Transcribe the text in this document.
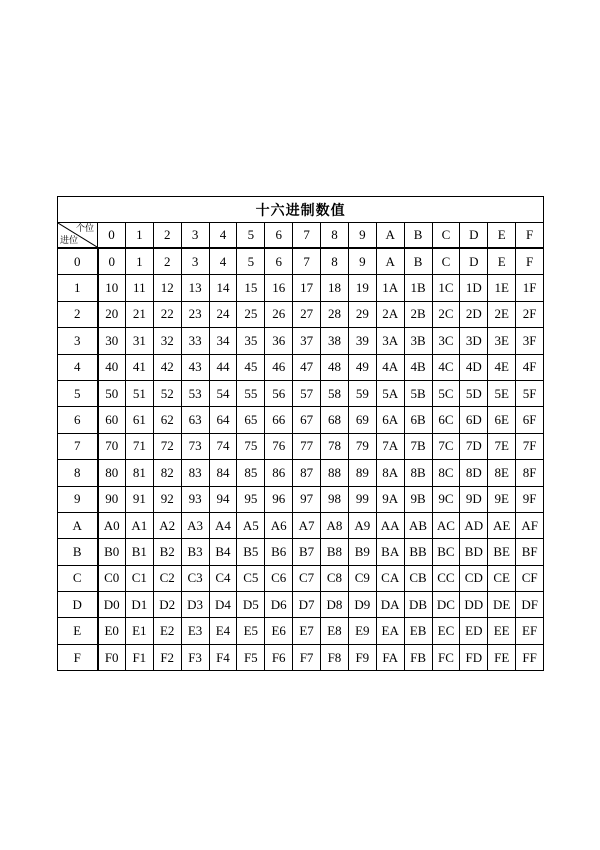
十六进制数值																

个位
进位	0	1	2	3	4	5	6	7	8	9	A	B	C	D	E	F
0	0	1	2	3	4	5	6	7	8	9	A	B	C	D	E	F
1	10	11	12	13	14	15	16	17	18	19	1A	1B	1C	1D	1E	1F
2	20	21	22	23	24	25	26	27	28	29	2A	2B	2C	2D	2E	2F
3	30	31	32	33	34	35	36	37	38	39	3A	3B	3C	3D	3E	3F
4	40	41	42	43	44	45	46	47	48	49	4A	4B	4C	4D	4E	4F
5	50	51	52	53	54	55	56	57	58	59	5A	5B	5C	5D	5E	5F
6	60	61	62	63	64	65	66	67	68	69	6A	6B	6C	6D	6E	6F
7	70	71	72	73	74	75	76	77	78	79	7A	7B	7C	7D	7E	7F
8	80	81	82	83	84	85	86	87	88	89	8A	8B	8C	8D	8E	8F
9	90	91	92	93	94	95	96	97	98	99	9A	9B	9C	9D	9E	9F
A	A0	A1	A2	A3	A4	A5	A6	A7	A8	A9	AA	AB	AC	AD	AE	AF
B	B0	B1	B2	B3	B4	B5	B6	B7	B8	B9	BA	BB	BC	BD	BE	BF
C	C0	C1	C2	C3	C4	C5	C6	C7	C8	C9	CA	CB	CC	CD	CE	CF
D	D0	D1	D2	D3	D4	D5	D6	D7	D8	D9	DA	DB	DC	DD	DE	DF
E	E0	E1	E2	E3	E4	E5	E6	E7	E8	E9	EA	EB	EC	ED	EE	EF
F	F0	F1	F2	F3	F4	F5	F6	F7	F8	F9	FA	FB	FC	FD	FE	FF
